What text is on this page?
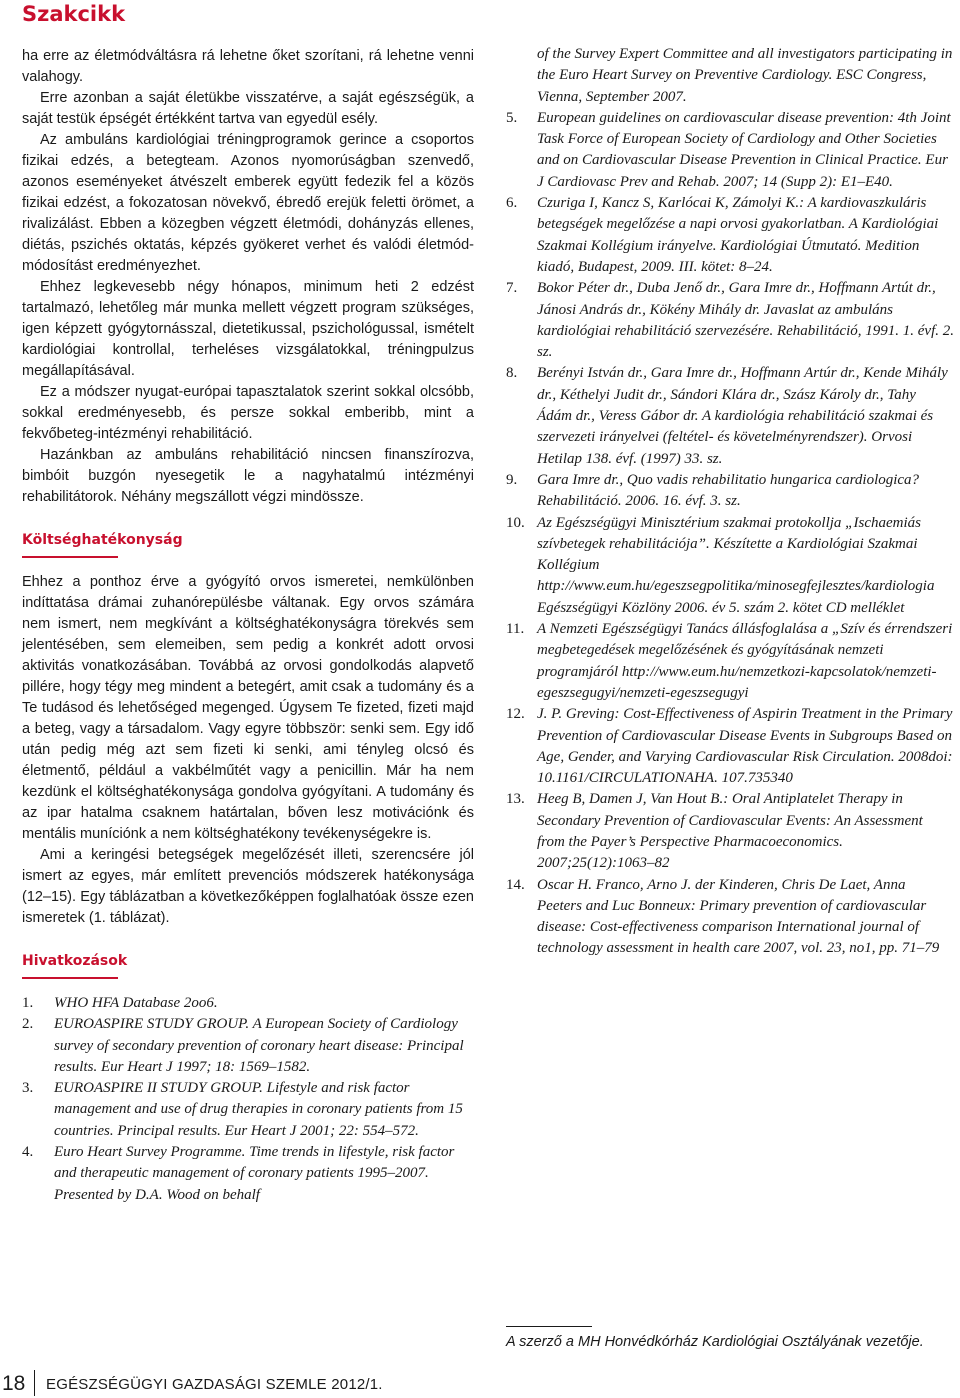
Szakcikk

ha erre az életmódváltásra rá lehetne őket szorítani, rá lehetne venni valahogy.

Erre azonban a saját életükbe visszatérve, a saját egészségük, a saját testük épségét értékként tartva van egyedül esély.

Az ambuláns kardiológiai tréningprogramok gerince a csoportos fizikai edzés, a betegteam. Azonos nyomorúságban szenvedő, azonos eseményeket átvészelt emberek együtt fedezik fel a közös fizikai edzést, a fokozatosan növekvő, ébredő erejük feletti örömet, a rivalizálást. Ebben a közegben végzett életmódi, dohányzás ellenes, diétás, pszichés oktatás, képzés gyökeret verhet és valódi életmód-módosítást eredményezhet.

Ehhez legkevesebb négy hónapos, minimum heti 2 edzést tartalmazó, lehetőleg már munka mellett végzett program szükséges, igen képzett gyógytornásszal, dietetikussal, pszichológussal, ismételt kardiológiai kontrollal, terheléses vizsgálatokkal, tréningpulzus megállapításával.

Ez a módszer nyugat-európai tapasztalatok szerint sokkal olcsóbb, sokkal eredményesebb, és persze sokkal emberibb, mint a fekvőbeteg-intézményi rehabilitáció.

Hazánkban az ambuláns rehabilitáció nincsen finanszírozva, bimbóit buzgón nyesegetik le a nagyhatalmú intézményi rehabilitátorok. Néhány megszállott végzi mindössze.

Költséghatékonyság

Ehhez a ponthoz érve a gyógyító orvos ismeretei, nemkülönben indíttatása drámai zuhanórepülésbe váltanak. Egy orvos számára nem ismert, nem megkívánt a költséghatékonyságra törekvés sem jelentésében, sem elemeiben, sem pedig a konkrét adott orvosi aktivitás vonatkozásában. Továbbá az orvosi gondolkodás alapvető pillére, hogy tégy meg mindent a betegért, amit csak a tudomány és a Te tudásod és lehetőséged megenged. Úgysem Te fizeted, fizeti majd a beteg, vagy a társadalom. Vagy egyre többször: senki sem. Egy idő után pedig még azt sem fizeti ki senki, ami tényleg olcsó és életmentő, például a vakbélműtét vagy a penicillin. Már ha nem kezdünk el költséghatékonysága gondolva gyógyítani. A tudomány és az ipar hatalma csaknem határtalan, bőven lesz motivációnk és mentális muníciónk a nem költséghatékony tevékenységekre is.

Ami a keringési betegségek megelőzését illeti, szerencsére jól ismert az egyes, már említett prevenciós módszerek hatékonysága (12–15). Egy táblázatban a következőképpen foglalhatóak össze ezen ismeretek (1. táblázat).

Hivatkozások
1. WHO HFA Database 2oo6.
2. EUROASPIRE STUDY GROUP. A European Society of Cardiology survey of secondary prevention of coronary heart disease: Principal results. Eur Heart J 1997; 18: 1569–1582.
3. EUROASPIRE II STUDY GROUP. Lifestyle and risk factor management and use of drug therapies in coronary patients from 15 countries. Principal results. Eur Heart J 2001; 22: 554–572.
4. Euro Heart Survey Programme. Time trends in lifestyle, risk factor and therapeutic management of coronary patients 1995–2007. Presented by D.A. Wood on behalf
of the Survey Expert Committee and all investigators participating in the Euro Heart Survey on Preventive Cardiology. ESC Congress, Vienna, September 2007.
5. European guidelines on cardiovascular disease prevention: 4th Joint Task Force of European Society of Cardiology and Other Societies and on Cardiovascular Disease Prevention in Clinical Practice. Eur J Cardiovasc Prev and Rehab. 2007; 14 (Supp 2): E1–E40.
6. Czuriga I, Kancz S, Karlócai K, Zámolyi K.: A kardiovaszkuláris betegségek megelőzése a napi orvosi gyakorlatban. A Kardiológiai Szakmai Kollégium irányelve. Kardiológiai Útmutató. Medition kiadó, Budapest, 2009. III. kötet: 8–24.
7. Bokor Péter dr., Duba Jenő dr., Gara Imre dr., Hoffmann Artút dr., Jánosi András dr., Kökény Mihály dr. Javaslat az ambuláns kardiológiai rehabilitáció szervezésére. Rehabilitáció, 1991. 1. évf. 2. sz.
8. Berényi István dr., Gara Imre dr., Hoffmann Artúr dr., Kende Mihály dr., Kéthelyi Judit dr., Sándori Klára dr., Szász Károly dr., Tahy Ádám dr., Veress Gábor dr. A kardiológia rehabilitáció szakmai és szervezeti irányelvei (feltétel- és követelményrendszer). Orvosi Hetilap 138. évf. (1997) 33. sz.
9. Gara Imre dr., Quo vadis rehabilitatio hungarica cardiologica? Rehabilitáció. 2006. 16. évf. 3. sz.
10. Az Egészségügyi Minisztérium szakmai protokollja „Ischaemiás szívbetegek rehabilitációja”. Készítette a Kardiológiai Szakmai Kollégium http://www.eum.hu/egeszsegpolitika/minosegfejlesztes/kardiologia Egészségügyi Közlöny 2006. év 5. szám 2. kötet CD melléklet
11. A Nemzeti Egészségügyi Tanács állásfoglalása a „Szív és érrendszeri megbetegedések megelőzésének és gyógyításának nemzeti programjáról http://www.eum.hu/nemzetkozi-kapcsolatok/nemzeti-egeszsegugyi/nemzeti-egeszsegugyi
12. J. P. Greving: Cost-Effectiveness of Aspirin Treatment in the Primary Prevention of Cardiovascular Disease Events in Subgroups Based on Age, Gender, and Varying Cardiovascular Risk Circulation. 2008doi: 10.1161/CIRCULATIONAHA. 107.735340
13. Heeg B, Damen J, Van Hout B.: Oral Antiplatelet Therapy in Secondary Prevention of Cardiovascular Events: An Assessment from the Payer’s Perspective Pharmacoeconomics. 2007;25(12):1063–82
14. Oscar H. Franco, Arno J. der Kinderen, Chris De Laet, Anna Peeters and Luc Bonneux: Primary prevention of cardiovascular disease: Cost-effectiveness comparison International journal of technology assessment in health care 2007, vol. 23, no1, pp. 71–79
A szerző a MH Honvédkórház Kardiológiai Osztályának vezetője.
18 EGÉSZSÉGÜGYI GAZDASÁGI SZEMLE 2012/1.
